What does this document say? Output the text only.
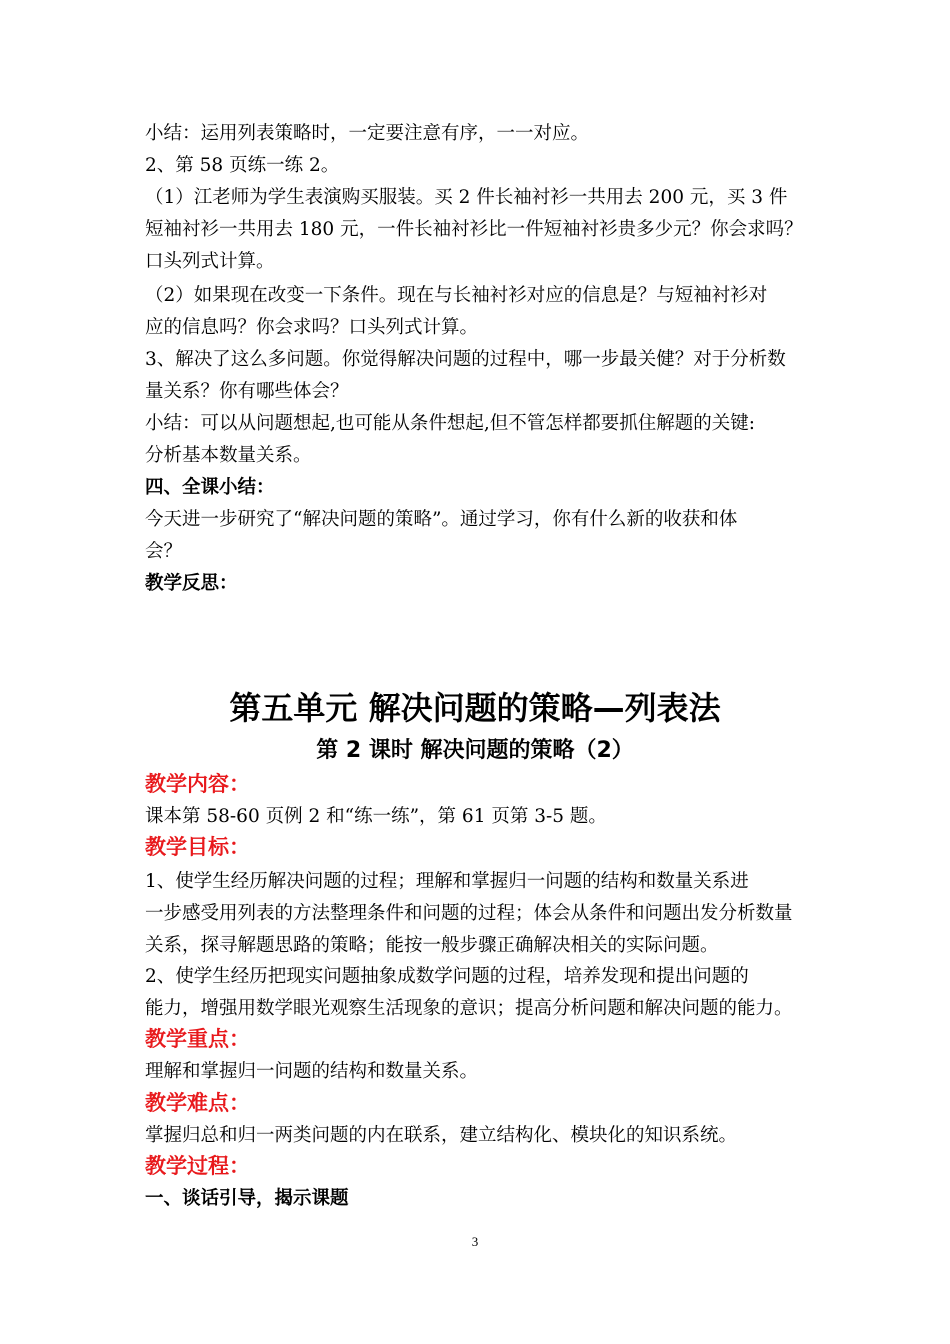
小结：运用列表策略时，一定要注意有序，一一对应。
2、第 58 页练一练 2。
（1）江老师为学生表演购买服装。买 2 件长袖衬衫一共用去 200 元，买 3 件
短袖衬衫一共用去 180 元，一件长袖衬衫比一件短袖衬衫贵多少元？你会求吗？
口头列式计算。
（2）如果现在改变一下条件。现在与长袖衬衫对应的信息是？与短袖衬衫对
应的信息吗？你会求吗？口头列式计算。
3、解决了这么多问题。你觉得解决问题的过程中，哪一步最关健？对于分析数
量关系？你有哪些体会？
小结：可以从问题想起,也可能从条件想起,但不管怎样都要抓住解题的关键:
分析基本数量关系。
四、全课小结：
今天进一步研究了“解决问题的策略”。通过学习，你有什么新的收获和体
会？
教学反思：
第五单元 解决问题的策略—列表法
第 2 课时 解决问题的策略（2）
教学内容：
课本第 58-60 页例 2 和“练一练”，第 61 页第 3-5 题。
教学目标：
1、使学生经历解决问题的过程；理解和掌握归一问题的结构和数量关系进
一步感受用列表的方法整理条件和问题的过程；体会从条件和问题出发分析数量
关系，探寻解题思路的策略；能按一般步骤正确解决相关的实际问题。
2、使学生经历把现实问题抽象成数学问题的过程，培养发现和提出问题的
能力，增强用数学眼光观察生活现象的意识；提高分析问题和解决问题的能力。
教学重点：
理解和掌握归一问题的结构和数量关系。
教学难点：
掌握归总和归一两类问题的内在联系，建立结构化、模块化的知识系统。
教学过程：
一、谈话引导，揭示课题
3
